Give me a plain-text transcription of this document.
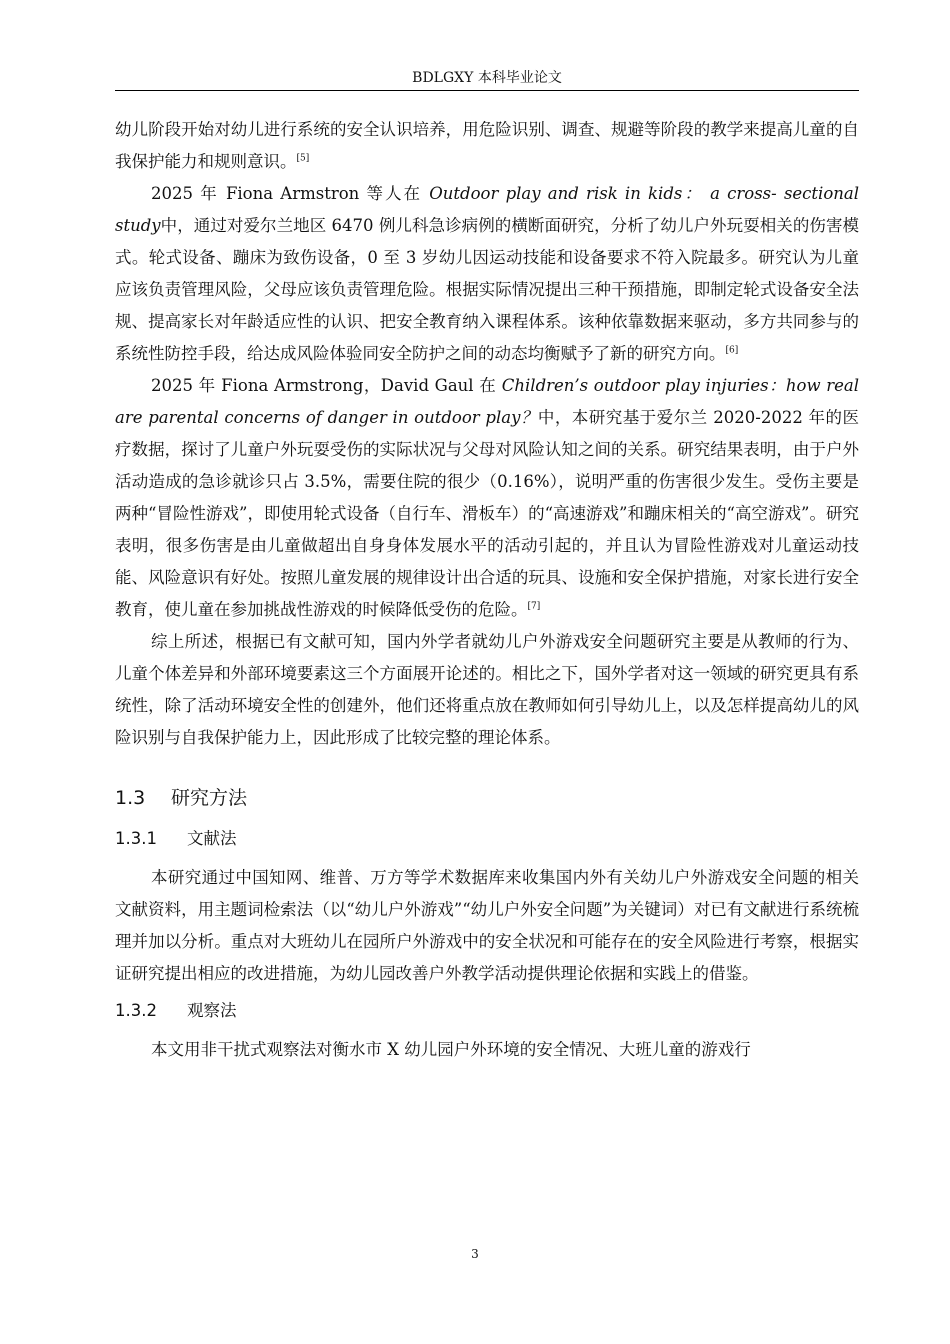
BDLGXY 本科毕业论文

幼儿阶段开始对幼儿进行系统的安全认识培养，用危险识别、调查、规避等阶段的教学来提高儿童的自我保护能力和规则意识。[5]

2025 年 Fiona Armstron 等人在 Outdoor play and risk in kids： a cross- sectional study中，通过对爱尔兰地区 6470 例儿科急诊病例的横断面研究，分析了幼儿户外玩耍相关的伤害模式。轮式设备、蹦床为致伤设备，0 至 3 岁幼儿因运动技能和设备要求不符入院最多。研究认为儿童应该负责管理风险，父母应该负责管理危险。根据实际情况提出三种干预措施，即制定轮式设备安全法规、提高家长对年龄适应性的认识、把安全教育纳入课程体系。该种依靠数据来驱动，多方共同参与的系统性防控手段，给达成风险体验同安全防护之间的动态均衡赋予了新的研究方向。[6]

2025 年 Fiona Armstrong，David Gaul 在 Children’s outdoor play injuries：how real are parental concerns of danger in outdoor play？中，本研究基于爱尔兰 2020-2022 年的医疗数据，探讨了儿童户外玩耍受伤的实际状况与父母对风险认知之间的关系。研究结果表明，由于户外活动造成的急诊就诊只占 3.5%，需要住院的很少（0.16%），说明严重的伤害很少发生。受伤主要是两种“冒险性游戏”，即使用轮式设备（自行车、滑板车）的“高速游戏”和蹦床相关的“高空游戏”。研究表明，很多伤害是由儿童做超出自身身体发展水平的活动引起的，并且认为冒险性游戏对儿童运动技能、风险意识有好处。按照儿童发展的规律设计出合适的玩具、设施和安全保护措施，对家长进行安全教育，使儿童在参加挑战性游戏的时候降低受伤的危险。[7]

综上所述，根据已有文献可知，国内外学者就幼儿户外游戏安全问题研究主要是从教师的行为、儿童个体差异和外部环境要素这三个方面展开论述的。相比之下，国外学者对这一领域的研究更具有系统性，除了活动环境安全性的创建外，他们还将重点放在教师如何引导幼儿上，以及怎样提高幼儿的风险识别与自我保护能力上，因此形成了比较完整的理论体系。

1.3 研究方法
1.3.1 文献法

本研究通过中国知网、维普、万方等学术数据库来收集国内外有关幼儿户外游戏安全问题的相关文献资料，用主题词检索法（以“幼儿户外游戏”“幼儿户外安全问题”为关键词）对已有文献进行系统梳理并加以分析。重点对大班幼儿在园所户外游戏中的安全状况和可能存在的安全风险进行考察，根据实证研究提出相应的改进措施，为幼儿园改善户外教学活动提供理论依据和实践上的借鉴。

1.3.2 观察法

本文用非干扰式观察法对衡水市 X 幼儿园户外环境的安全情况、大班儿童的游戏行

3
